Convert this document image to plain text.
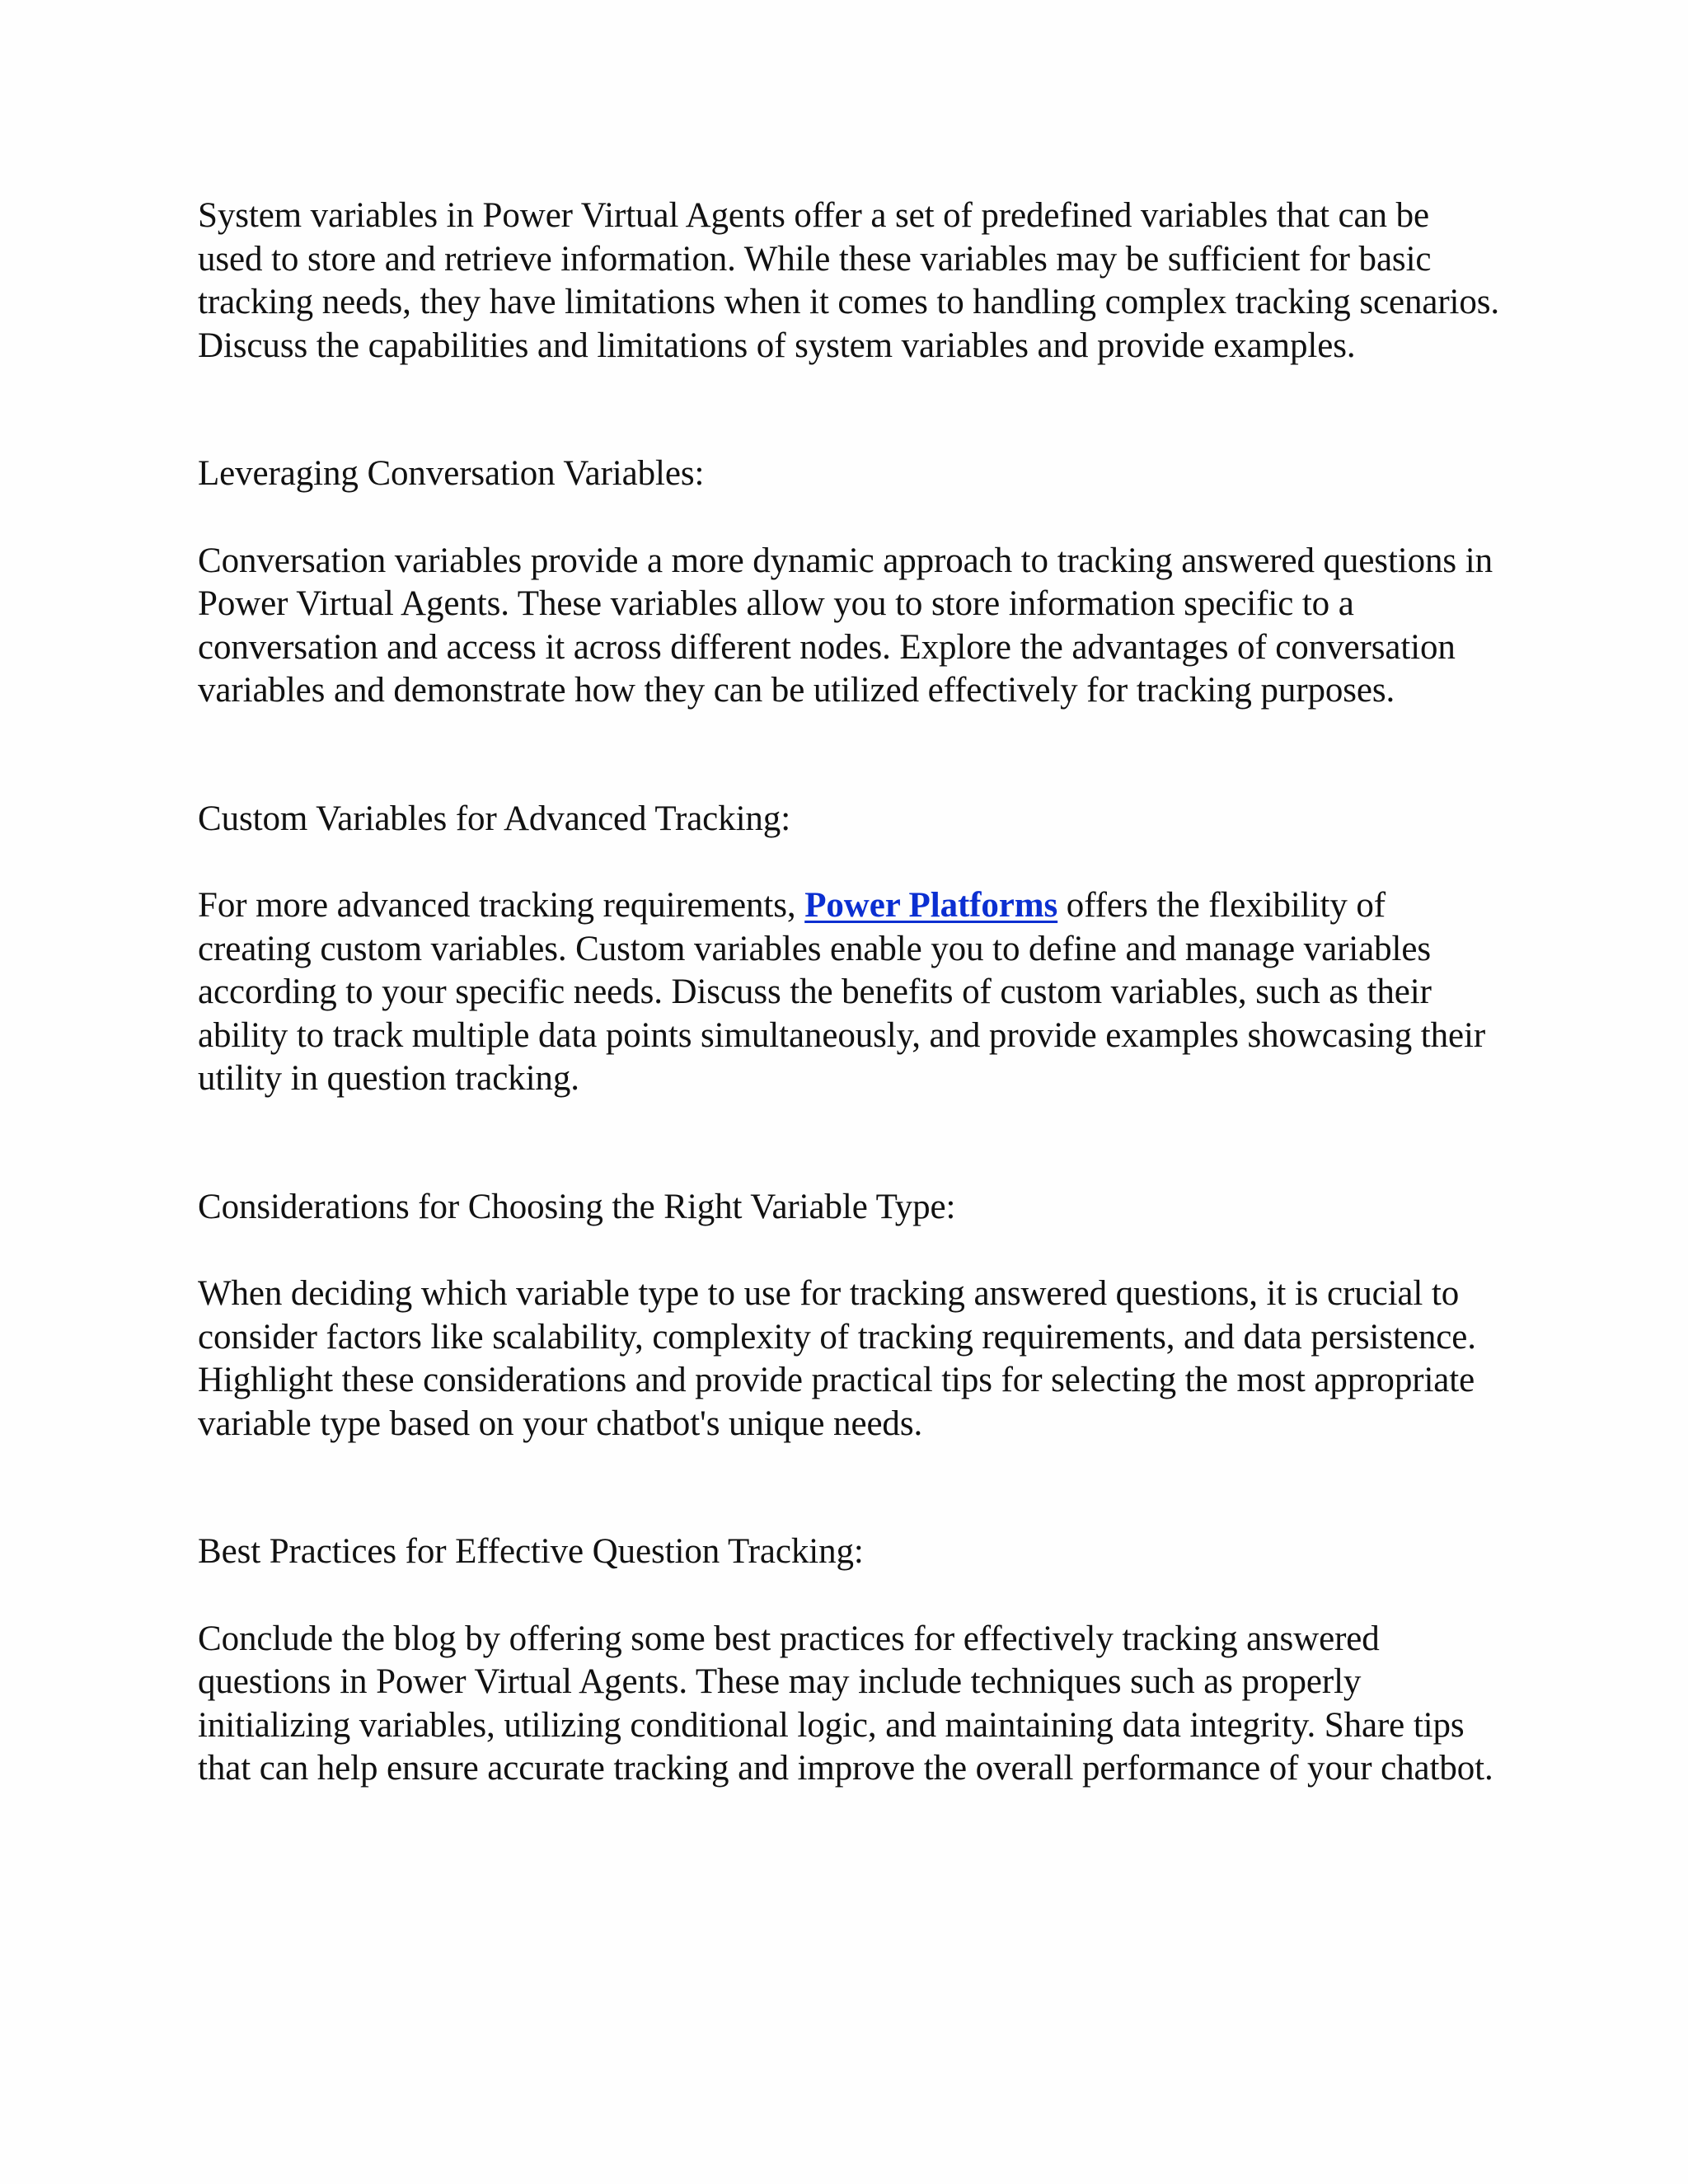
System variables in Power Virtual Agents offer a set of predefined variables that can be used to store and retrieve information. While these variables may be sufficient for basic tracking needs, they have limitations when it comes to handling complex tracking scenarios. Discuss the capabilities and limitations of system variables and provide examples.

Leveraging Conversation Variables:

Conversation variables provide a more dynamic approach to tracking answered questions in Power Virtual Agents. These variables allow you to store information specific to a conversation and access it across different nodes. Explore the advantages of conversation variables and demonstrate how they can be utilized effectively for tracking purposes.

Custom Variables for Advanced Tracking:

For more advanced tracking requirements, Power Platforms offers the flexibility of creating custom variables. Custom variables enable you to define and manage variables according to your specific needs. Discuss the benefits of custom variables, such as their ability to track multiple data points simultaneously, and provide examples showcasing their utility in question tracking.

Considerations for Choosing the Right Variable Type:

When deciding which variable type to use for tracking answered questions, it is crucial to consider factors like scalability, complexity of tracking requirements, and data persistence. Highlight these considerations and provide practical tips for selecting the most appropriate variable type based on your chatbot's unique needs.

Best Practices for Effective Question Tracking:

Conclude the blog by offering some best practices for effectively tracking answered questions in Power Virtual Agents. These may include techniques such as properly initializing variables, utilizing conditional logic, and maintaining data integrity. Share tips that can help ensure accurate tracking and improve the overall performance of your chatbot.
